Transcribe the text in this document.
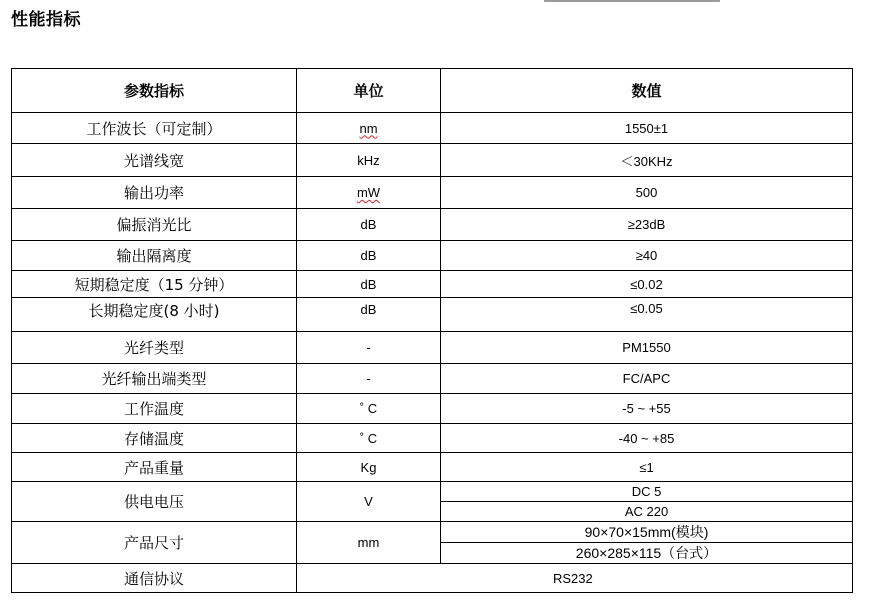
性能指标
参数指标	单位	数值
工作波长（可定制）	nm	1550±1
光谱线宽	kHz	＜30KHz
输出功率	mW	500
偏振消光比	dB	≥23dB
输出隔离度	dB	≥40
短期稳定度（15 分钟）	dB	≤0.02
长期稳定度(8 小时)	dB	≤0.05
光纤类型	-	PM1550
光纤输出端类型	-	FC/APC
工作温度	˚ C	-5 ~ +55
存储温度	˚ C	-40 ~ +85
产品重量	Kg	≤1
供电电压	V	DC 5
		AC 220
产品尺寸	mm	90×70×15mm(模块)
		260×285×115（台式）
通信协议	RS232	
